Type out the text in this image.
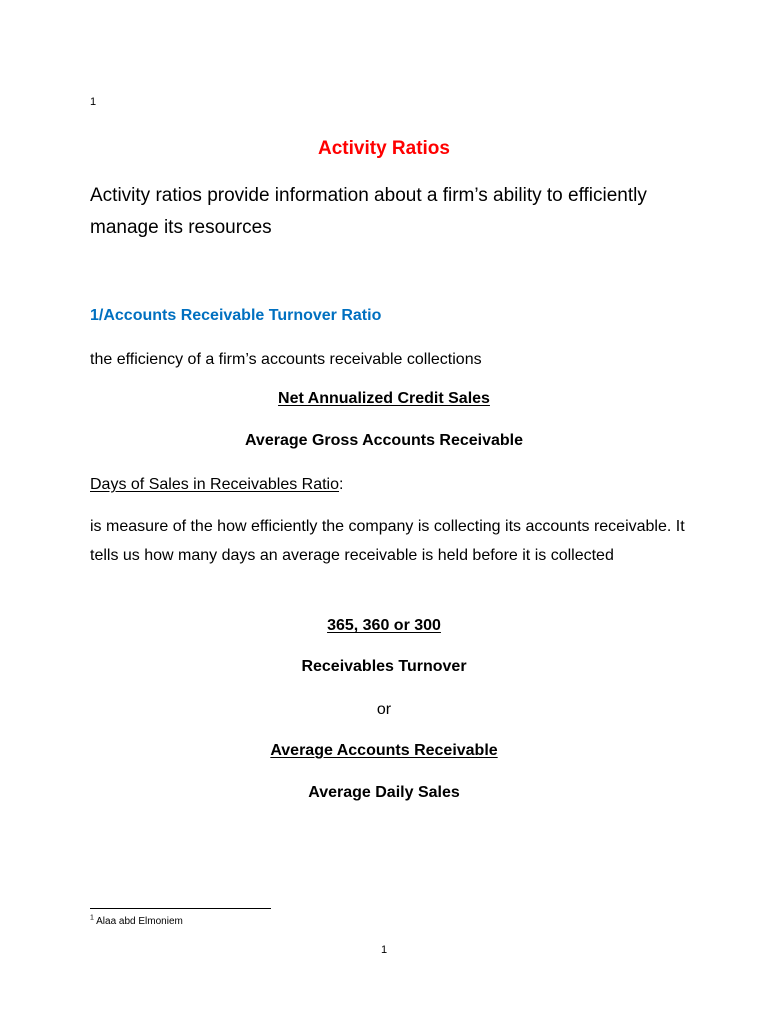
1

Activity Ratios

Activity ratios provide information about a firm’s ability to efficiently manage its resources

1/Accounts Receivable Turnover Ratio

the efficiency of a firm’s accounts receivable collections

Net Annualized Credit Sales

Average Gross Accounts Receivable

Days of Sales in Receivables Ratio:

is measure of the how efficiently the company is collecting its accounts receivable. It tells us how many days an average receivable is held before it is collected

365, 360 or 300

Receivables Turnover

or

Average Accounts Receivable

Average Daily Sales

$^1$ Alaa abd Elmoniem

1
